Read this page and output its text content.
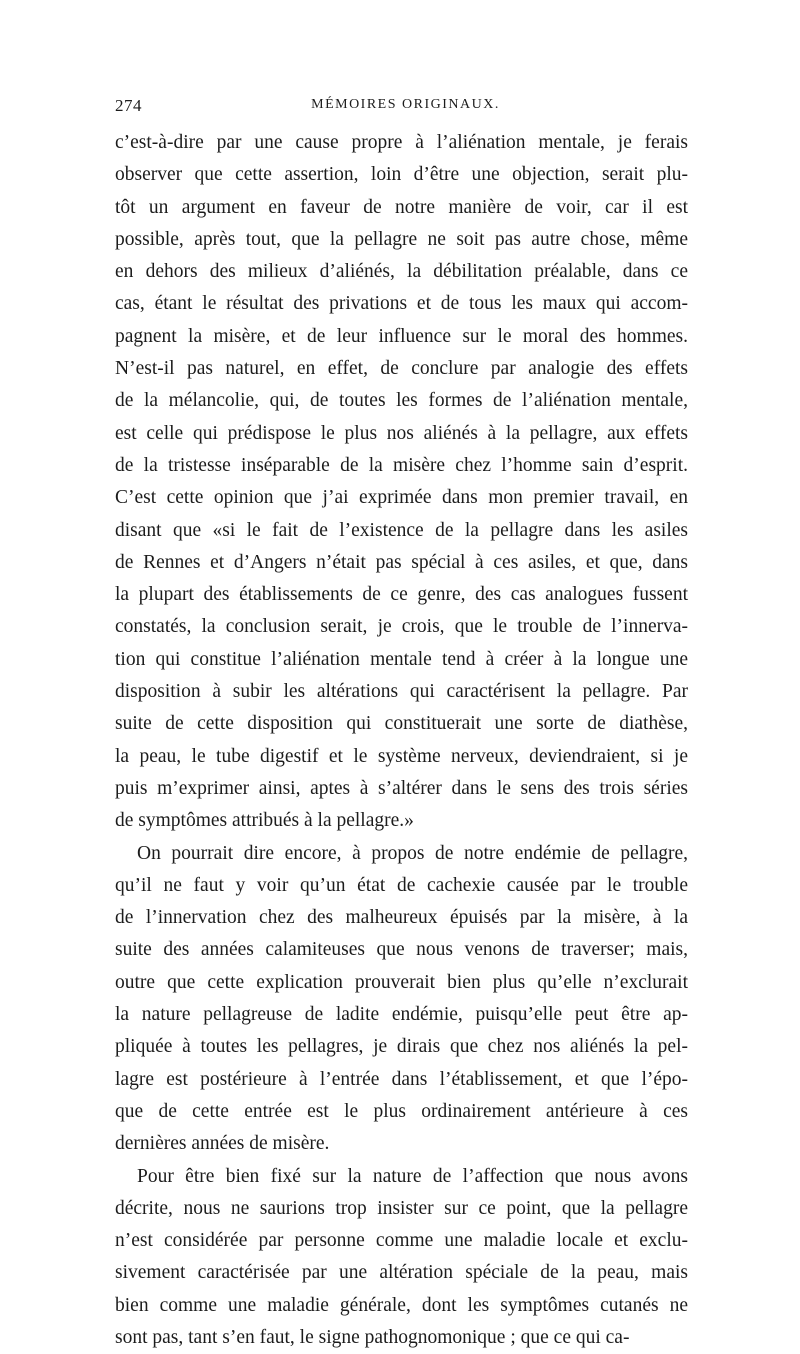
274	MÉMOIRES ORIGINAUX.
c’est-à-dire par une cause propre à l’aliénation mentale, je ferais
observer que cette assertion, loin d’être une objection, serait plu-
tôt un argument en faveur de notre manière de voir, car il est
possible, après tout, que la pellagre ne soit pas autre chose, même
en dehors des milieux d’aliénés, la débilitation préalable, dans ce
cas, étant le résultat des privations et de tous les maux qui accom-
pagnent la misère, et de leur influence sur le moral des hommes.
N’est-il pas naturel, en effet, de conclure par analogie des effets
de la mélancolie, qui, de toutes les formes de l’aliénation mentale,
est celle qui prédispose le plus nos aliénés à la pellagre, aux effets
de la tristesse inséparable de la misère chez l’homme sain d’esprit.
C’est cette opinion que j’ai exprimée dans mon premier travail, en
disant que «si le fait de l’existence de la pellagre dans les asiles
de Rennes et d’Angers n’était pas spécial à ces asiles, et que, dans
la plupart des établissements de ce genre, des cas analogues fussent
constatés, la conclusion serait, je crois, que le trouble de l’innerva-
tion qui constitue l’aliénation mentale tend à créer à la longue une
disposition à subir les altérations qui caractérisent la pellagre. Par
suite de cette disposition qui constituerait une sorte de diathèse,
la peau, le tube digestif et le système nerveux, deviendraient, si je
puis m’exprimer ainsi, aptes à s’altérer dans le sens des trois séries
de symptômes attribués à la pellagre.»
On pourrait dire encore, à propos de notre endémie de pellagre,
qu’il ne faut y voir qu’un état de cachexie causée par le trouble
de l’innervation chez des malheureux épuisés par la misère, à la
suite des années calamiteuses que nous venons de traverser; mais,
outre que cette explication prouverait bien plus qu’elle n’exclurait
la nature pellagreuse de ladite endémie, puisqu’elle peut être ap-
pliquée à toutes les pellagres, je dirais que chez nos aliénés la pel-
lagre est postérieure à l’entrée dans l’établissement, et que l’épo-
que de cette entrée est le plus ordinairement antérieure à ces
dernières années de misère.
Pour être bien fixé sur la nature de l’affection que nous avons
décrite, nous ne saurions trop insister sur ce point, que la pellagre
n’est considérée par personne comme une maladie locale et exclu-
sivement caractérisée par une altération spéciale de la peau, mais
bien comme une maladie générale, dont les symptômes cutanés ne
sont pas, tant s’en faut, le signe pathognomonique ; que ce qui ca-
